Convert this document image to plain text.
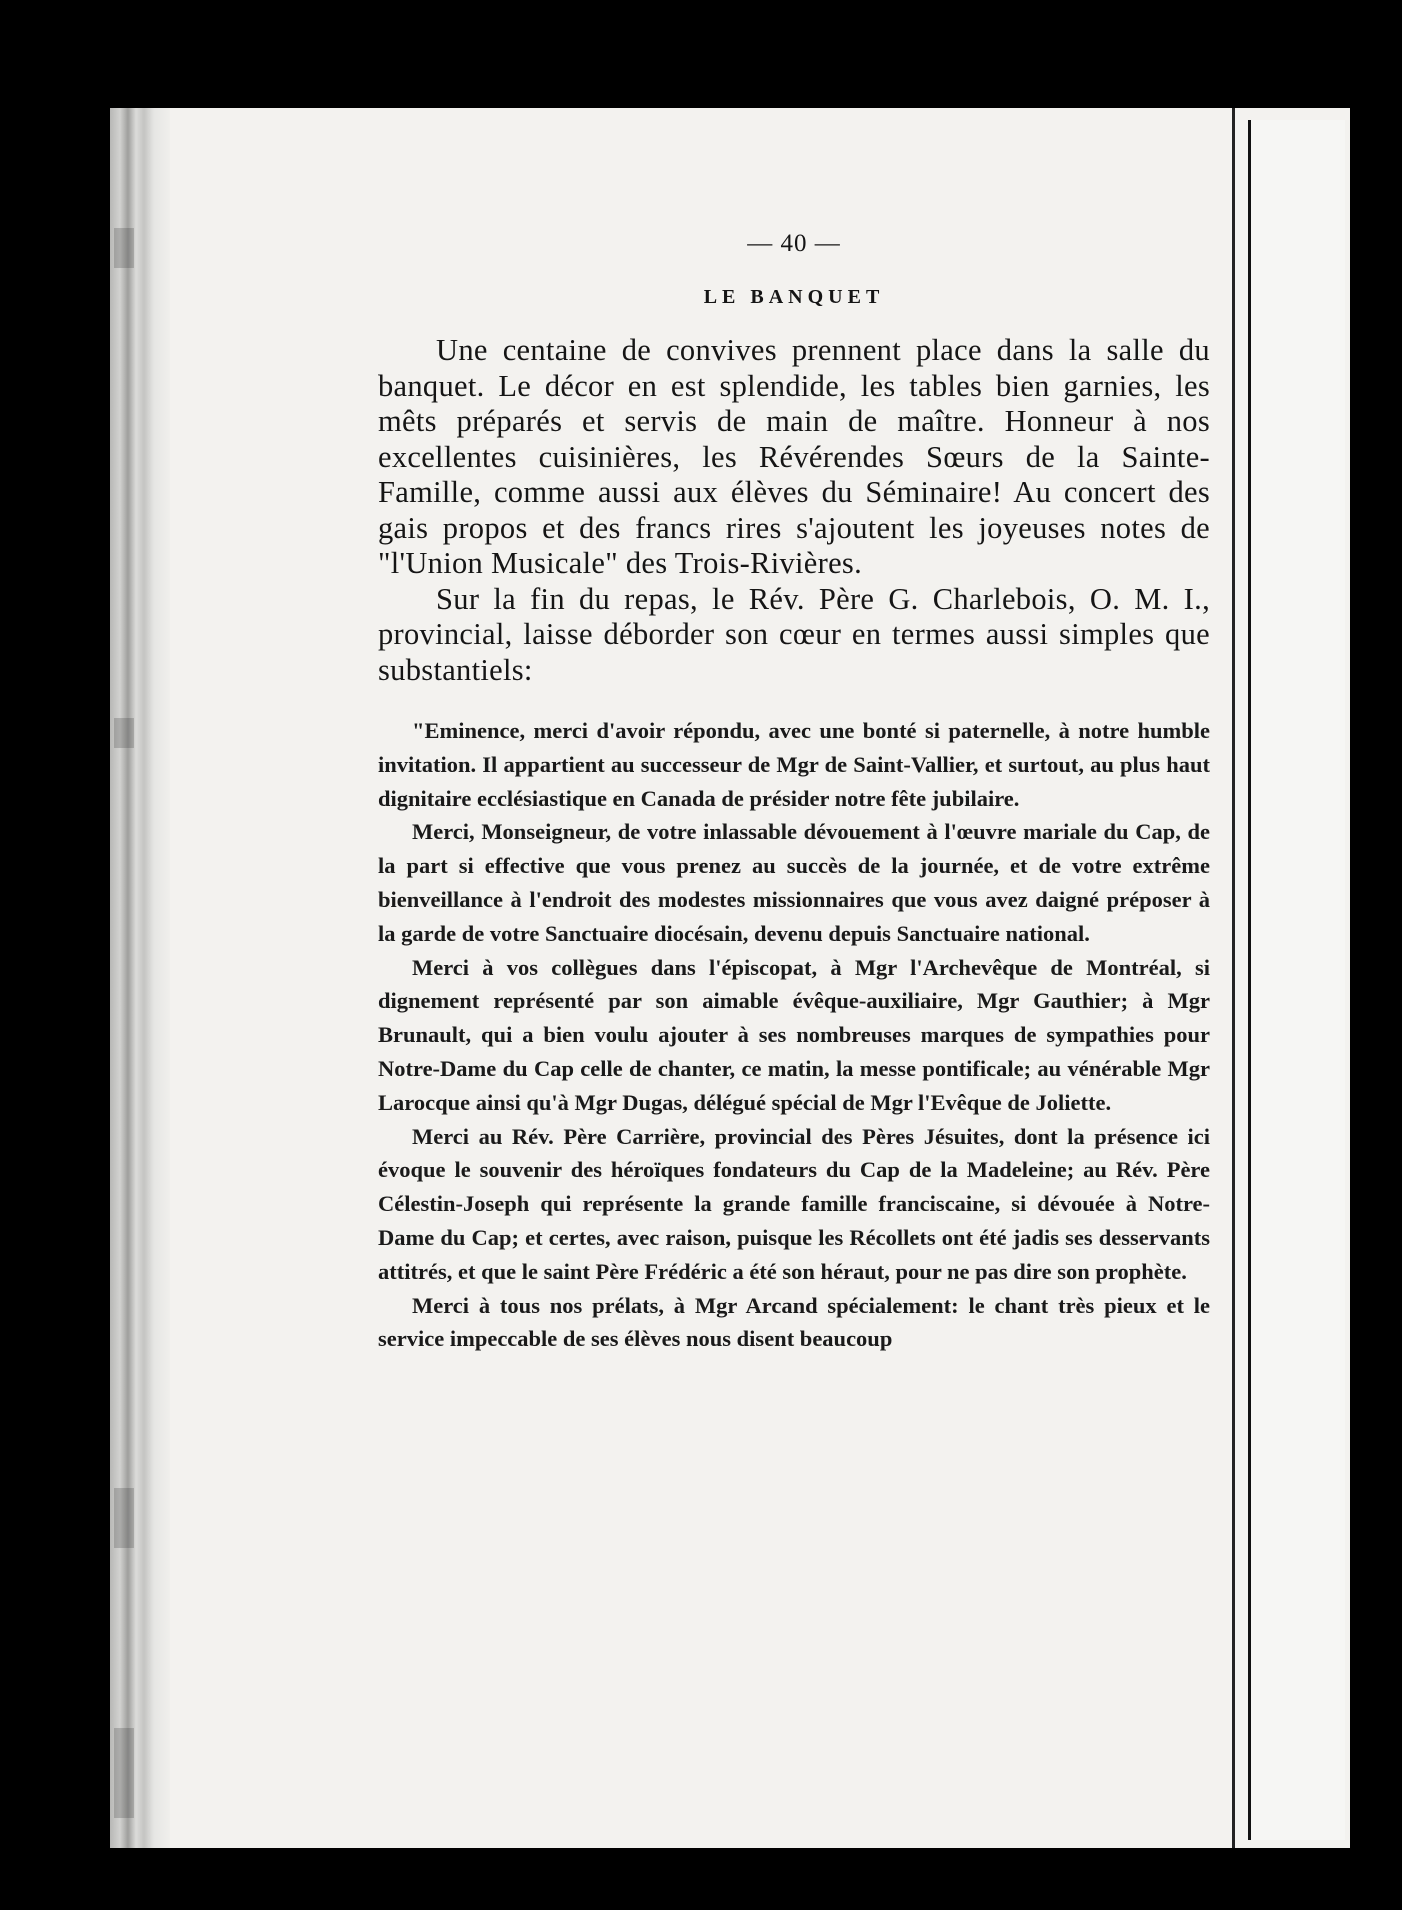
— 40 —
LE BANQUET

Une centaine de convives prennent place dans la salle du banquet. Le décor en est splendide, les tables bien garnies, les mêts préparés et servis de main de maître. Honneur à nos excellentes cuisinières, les Révérendes Sœurs de la Sainte-Famille, comme aussi aux élèves du Séminaire! Au concert des gais propos et des francs rires s'ajoutent les joyeuses notes de "l'Union Musicale" des Trois-Rivières.

Sur la fin du repas, le Rév. Père G. Charlebois, O. M. I., provincial, laisse déborder son cœur en termes aussi simples que substantiels:

"Eminence, merci d'avoir répondu, avec une bonté si paternelle, à notre humble invitation. Il appartient au successeur de Mgr de Saint-Vallier, et surtout, au plus haut dignitaire ecclésiastique en Canada de présider notre fête jubilaire.

Merci, Monseigneur, de votre inlassable dévouement à l'œuvre mariale du Cap, de la part si effective que vous prenez au succès de la journée, et de votre extrême bienveillance à l'endroit des modestes missionnaires que vous avez daigné préposer à la garde de votre Sanctuaire diocésain, devenu depuis Sanctuaire national.

Merci à vos collègues dans l'épiscopat, à Mgr l'Archevêque de Montréal, si dignement représenté par son aimable évêque-auxiliaire, Mgr Gauthier; à Mgr Brunault, qui a bien voulu ajouter à ses nombreuses marques de sympathies pour Notre-Dame du Cap celle de chanter, ce matin, la messe pontificale; au vénérable Mgr Larocque ainsi qu'à Mgr Dugas, délégué spécial de Mgr l'Evêque de Joliette.

Merci au Rév. Père Carrière, provincial des Pères Jésuites, dont la présence ici évoque le souvenir des héroïques fondateurs du Cap de la Madeleine; au Rév. Père Célestin-Joseph qui représente la grande famille franciscaine, si dévouée à Notre-Dame du Cap; et certes, avec raison, puisque les Récollets ont été jadis ses desservants attitrés, et que le saint Père Frédéric a été son héraut, pour ne pas dire son prophète.

Merci à tous nos prélats, à Mgr Arcand spécialement: le chant très pieux et le service impeccable de ses élèves nous disent beaucoup
